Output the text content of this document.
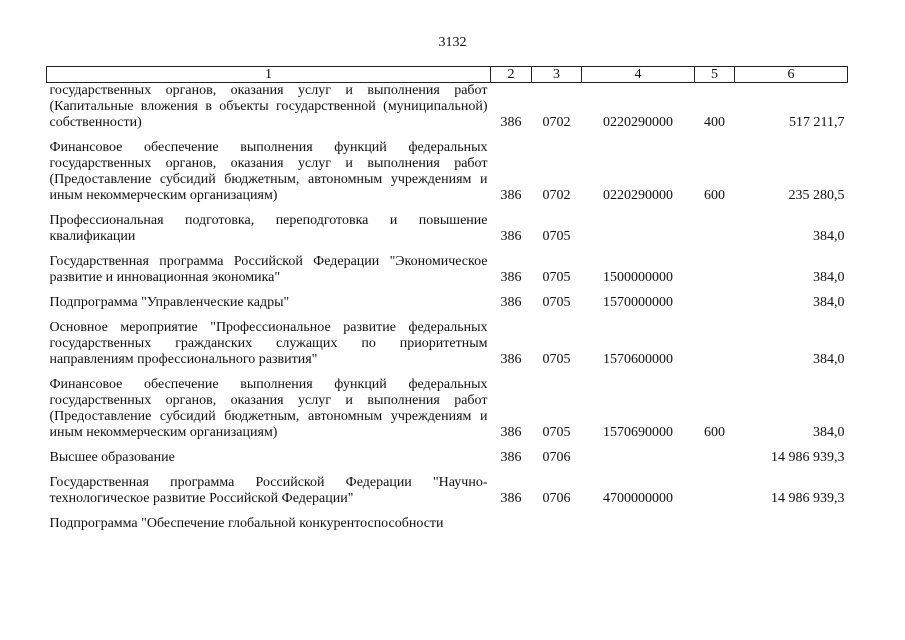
3132
1	2	3	4	5	6
государственных органов, оказания услуг и выполнения работ (Капитальные вложения в объекты государственной (муниципальной) собственности)	386	0702	0220290000	400	517 211,7
Финансовое обеспечение выполнения функций федеральных государственных органов, оказания услуг и выполнения работ (Предоставление субсидий бюджетным, автономным учреждениям и иным некоммерческим организациям)	386	0702	0220290000	600	235 280,5
Профессиональная подготовка, переподготовка и повышение квалификации	386	0705			384,0
Государственная программа Российской Федерации "Экономическое развитие и инновационная экономика"	386	0705	1500000000		384,0
Подпрограмма "Управленческие кадры"	386	0705	1570000000		384,0
Основное мероприятие "Профессиональное развитие федеральных государственных гражданских служащих по приоритетным направлениям профессионального развития"	386	0705	1570600000		384,0
Финансовое обеспечение выполнения функций федеральных государственных органов, оказания услуг и выполнения работ (Предоставление субсидий бюджетным, автономным учреждениям и иным некоммерческим организациям)	386	0705	1570690000	600	384,0
Высшее образование	386	0706			14 986 939,3
Государственная программа Российской Федерации "Научно-технологическое развитие Российской Федерации"	386	0706	4700000000		14 986 939,3
Подпрограмма "Обеспечение глобальной конкурентоспособности					
